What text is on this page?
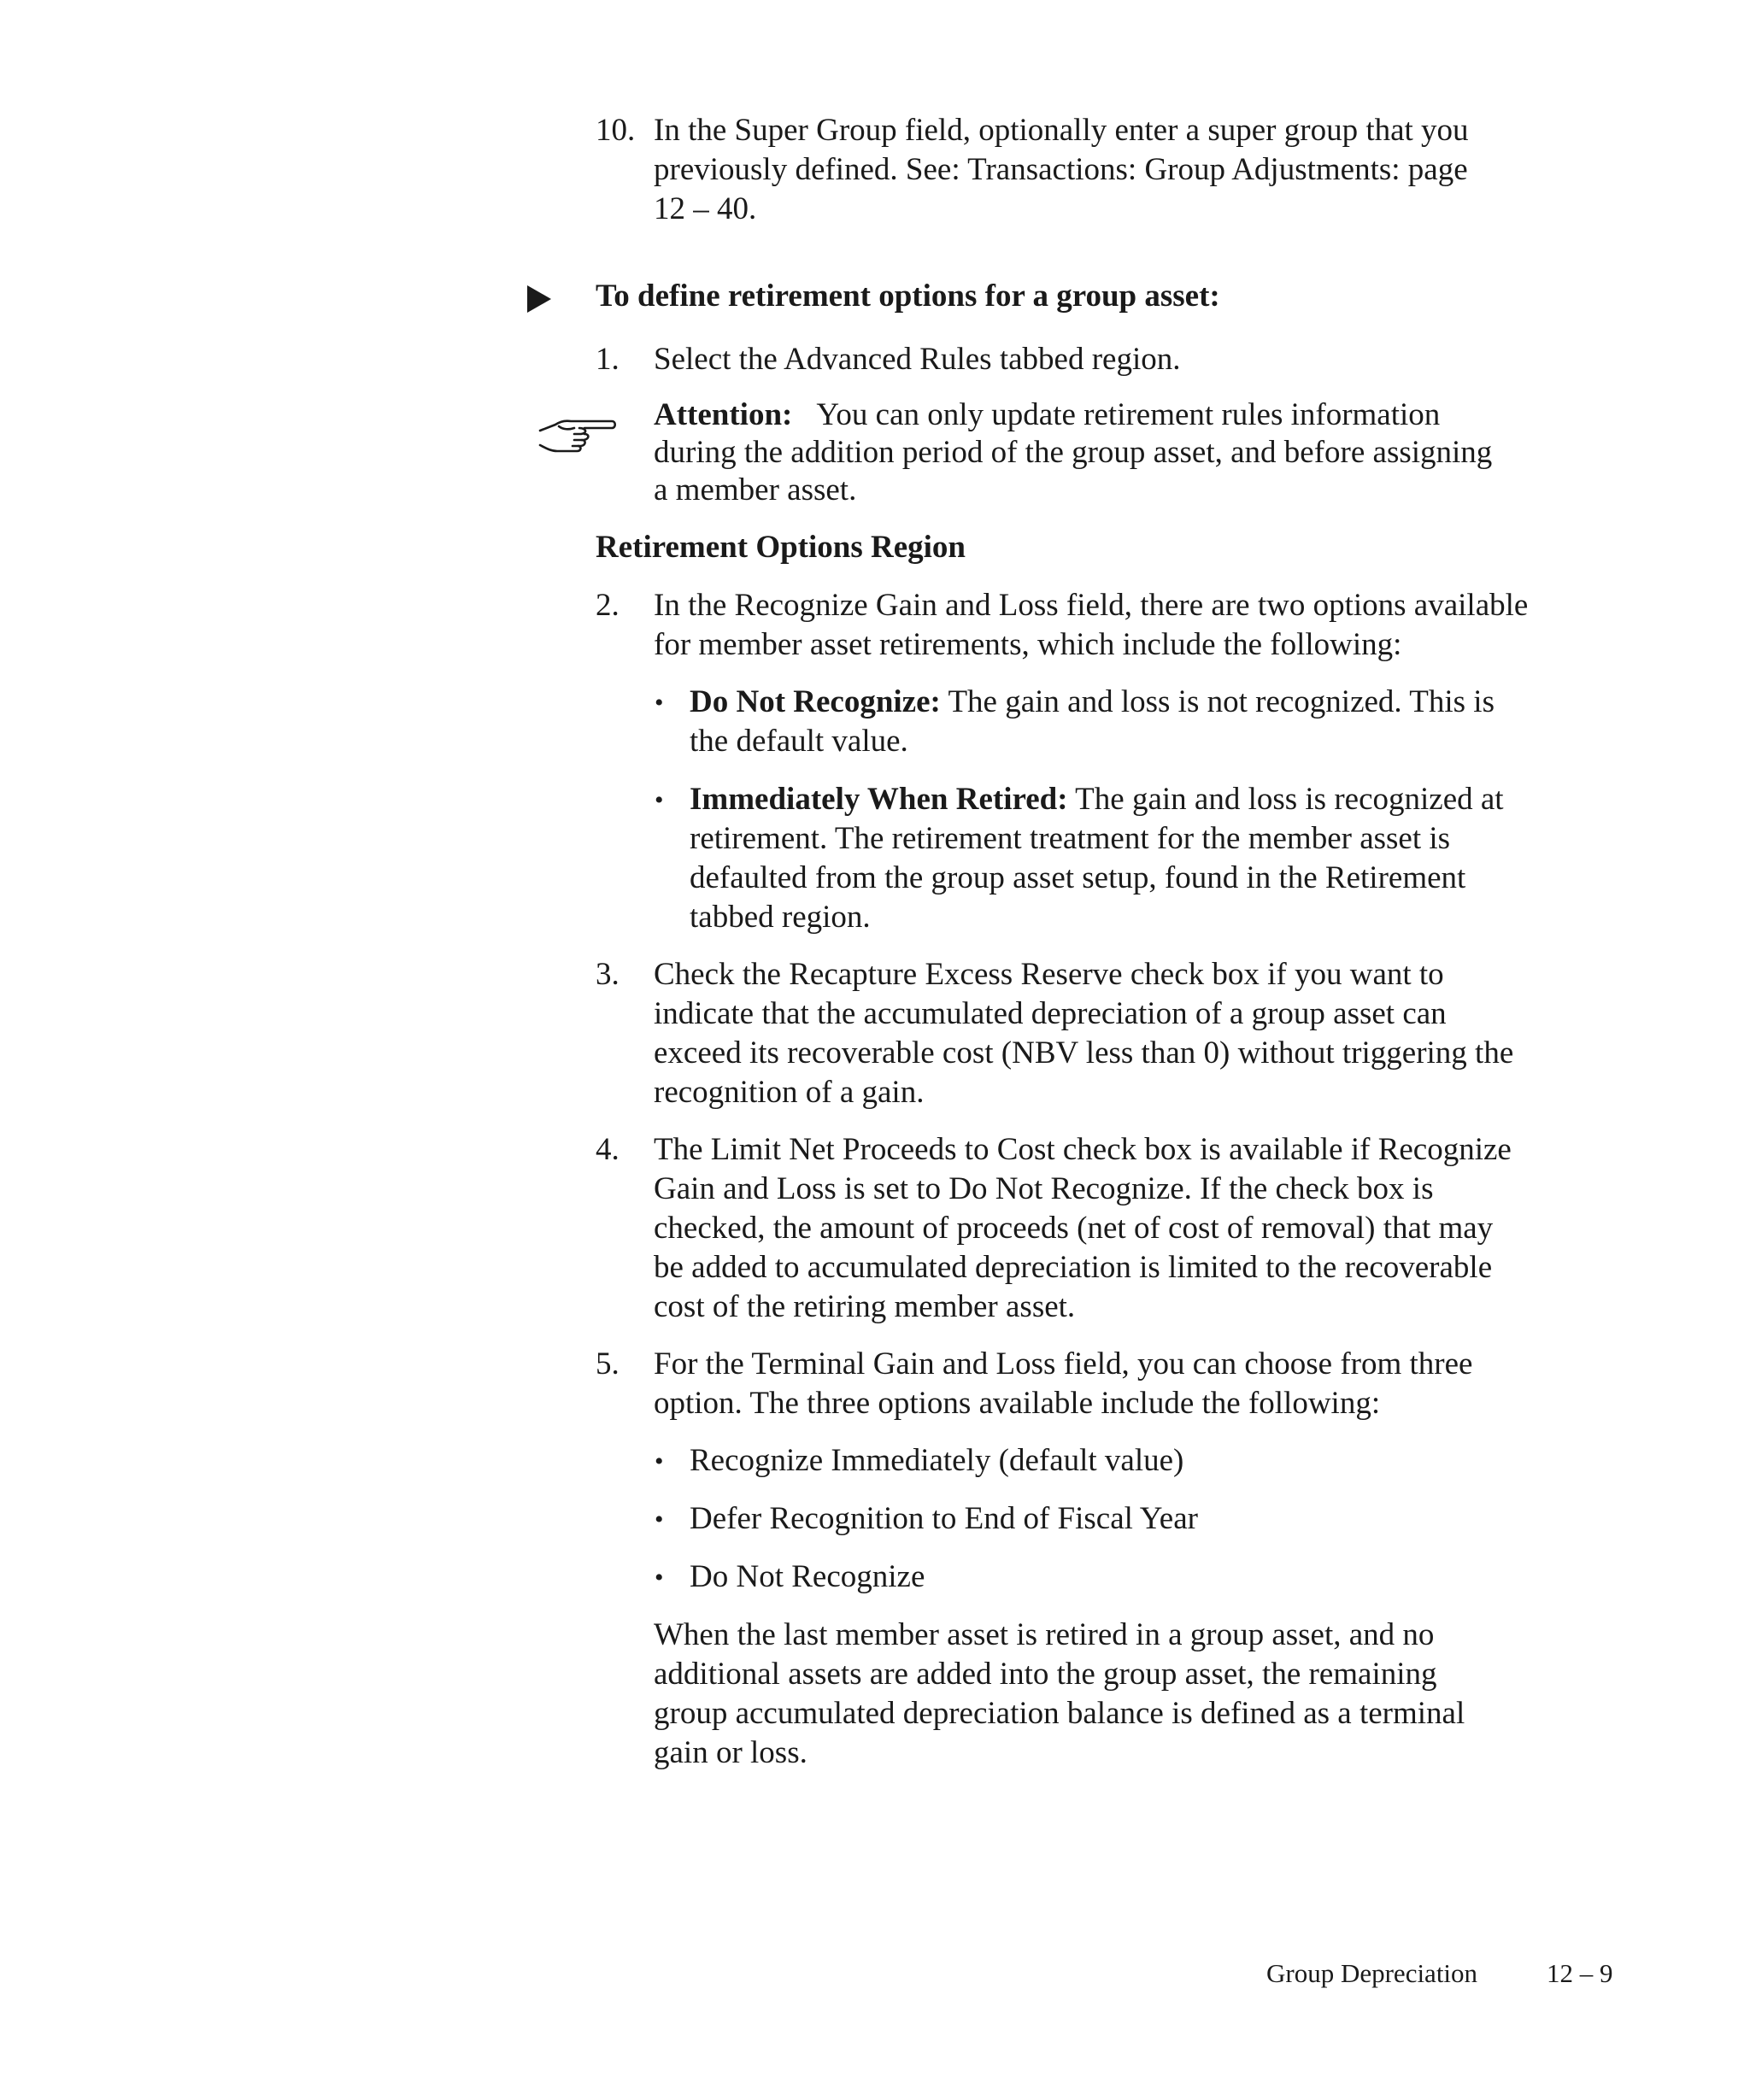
10. In the Super Group field, optionally enter a super group that you
previously defined. See: Transactions: Group Adjustments: page
12 – 40.
To define retirement options for a group asset:
1. Select the Advanced Rules tabbed region.
Attention: You can only update retirement rules information
during the addition period of the group asset, and before assigning
a member asset.
Retirement Options Region
2. In the Recognize Gain and Loss field, there are two options available
for member asset retirements, which include the following:
• Do Not Recognize: The gain and loss is not recognized. This is
the default value.
• Immediately When Retired: The gain and loss is recognized at
retirement. The retirement treatment for the member asset is
defaulted from the group asset setup, found in the Retirement
tabbed region.
3. Check the Recapture Excess Reserve check box if you want to
indicate that the accumulated depreciation of a group asset can
exceed its recoverable cost (NBV less than 0) without triggering the
recognition of a gain.
4. The Limit Net Proceeds to Cost check box is available if Recognize
Gain and Loss is set to Do Not Recognize. If the check box is
checked, the amount of proceeds (net of cost of removal) that may
be added to accumulated depreciation is limited to the recoverable
cost of the retiring member asset.
5. For the Terminal Gain and Loss field, you can choose from three
option. The three options available include the following:
• Recognize Immediately (default value)
• Defer Recognition to End of Fiscal Year
• Do Not Recognize
When the last member asset is retired in a group asset, and no
additional assets are added into the group asset, the remaining
group accumulated depreciation balance is defined as a terminal
gain or loss.
Group Depreciation	12 – 9
